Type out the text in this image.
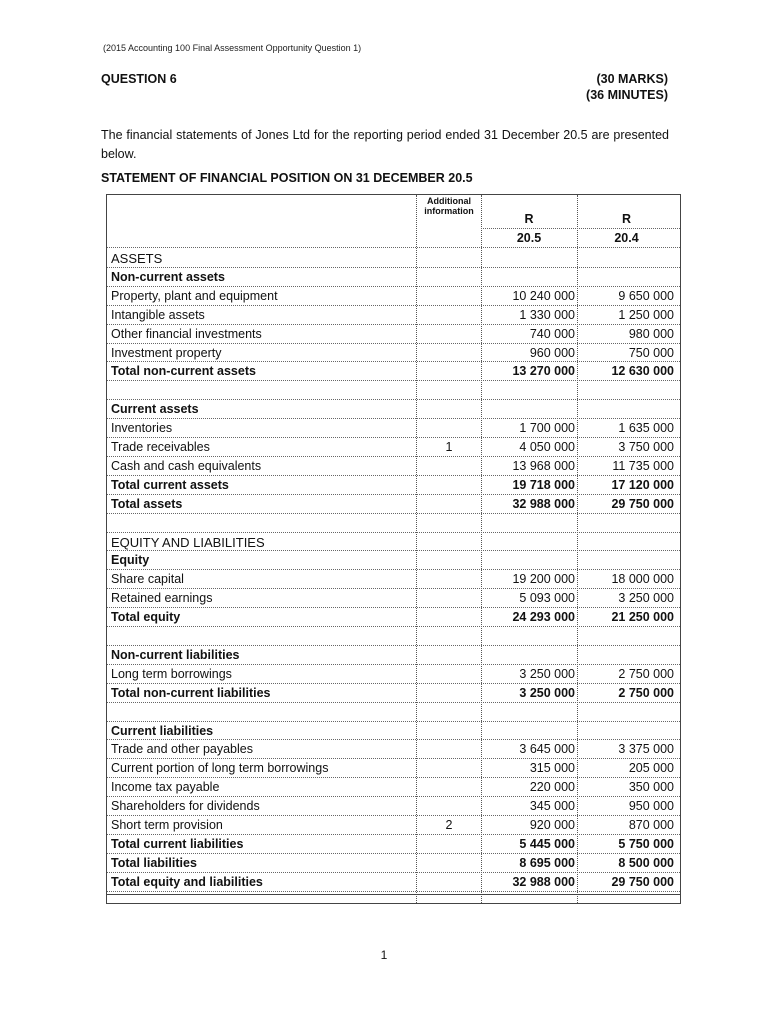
(2015 Accounting 100 Final Assessment Opportunity Question 1)
QUESTION 6	(30 MARKS)
(36 MINUTES)
The financial statements of Jones Ltd for the reporting period ended 31 December 20.5 are presented below.
STATEMENT OF FINANCIAL POSITION ON 31 DECEMBER 20.5
Additional information
R	R
20.5	20.4
ASSETS
Non-current assets
Property, plant and equipment	10 240 000	9 650 000
Intangible assets	1 330 000	1 250 000
Other financial investments	740 000	980 000
Investment property	960 000	750 000
Total non-current assets	13 270 000	12 630 000
Current assets
Inventories	1 700 000	1 635 000
Trade receivables	1	4 050 000	3 750 000
Cash and cash equivalents	13 968 000	11 735 000
Total current assets	19 718 000	17 120 000
Total assets	32 988 000	29 750 000
EQUITY AND LIABILITIES
Equity
Share capital	19 200 000	18 000 000
Retained earnings	5 093 000	3 250 000
Total equity	24 293 000	21 250 000
Non-current liabilities
Long term borrowings	3 250 000	2 750 000
Total non-current liabilities	3 250 000	2 750 000
Current liabilities
Trade and other payables	3 645 000	3 375 000
Current portion of long term borrowings	315 000	205 000
Income tax payable	220 000	350 000
Shareholders for dividends	345 000	950 000
Short term provision	2	920 000	870 000
Total current liabilities	5 445 000	5 750 000
Total liabilities	8 695 000	8 500 000
Total equity and liabilities	32 988 000	29 750 000
1
